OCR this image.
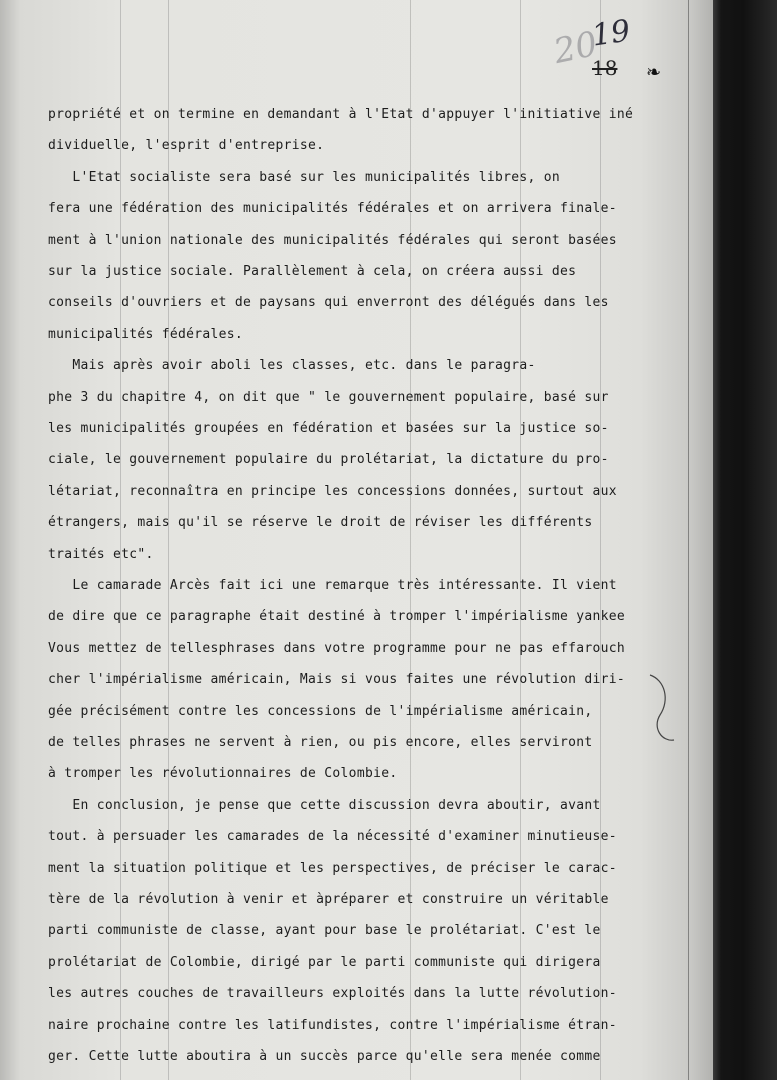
20
19
18 ❧
propriété et on termine en demandant à l'Etat d'appuyer l'initiative iné
dividuelle, l'esprit d'entreprise.
L'Etat socialiste sera basé sur les municipalités libres, on
fera une fédération des municipalités fédérales et on arrivera finale-
ment à l'union nationale des municipalités fédérales qui seront basées
sur la justice sociale. Parallèlement à cela, on créera aussi des
conseils d'ouvriers et de paysans qui enverront des délégués dans les
municipalités fédérales.
Mais après avoir aboli les classes, etc. dans le paragra-
phe 3 du chapitre 4, on dit que " le gouvernement populaire, basé sur
les municipalités groupées en fédération et basées sur la justice so-
ciale, le gouvernement populaire du prolétariat, la dictature du pro-
létariat, reconnaîtra en principe les concessions données, surtout aux
étrangers, mais qu'il se réserve le droit de réviser les différents
traités etc".
Le camarade Arcès fait ici une remarque très intéressante. Il vient
de dire que ce paragraphe était destiné à tromper l'impérialisme yankee
Vous mettez de tellesphrases dans votre programme pour ne pas effarouch
cher l'impérialisme américain, Mais si vous faites une révolution diri-
gée précisément contre les concessions de l'impérialisme américain,
de telles phrases ne servent à rien, ou pis encore, elles serviront
à tromper les révolutionnaires de Colombie.
En conclusion, je pense que cette discussion devra aboutir, avant
tout. à persuader les camarades de la nécessité d'examiner minutieuse-
ment la situation politique et les perspectives, de préciser le carac-
tère de la révolution à venir et àpréparer et construire un véritable
parti communiste de classe, ayant pour base le prolétariat. C'est le
prolétariat de Colombie, dirigé par le parti communiste qui dirigera
les autres couches de travailleurs exploités dans la lutte révolution-
naire prochaine contre les latifundistes, contre l'impérialisme étran-
ger. Cette lutte aboutira à un succès parce qu'elle sera menée comme
